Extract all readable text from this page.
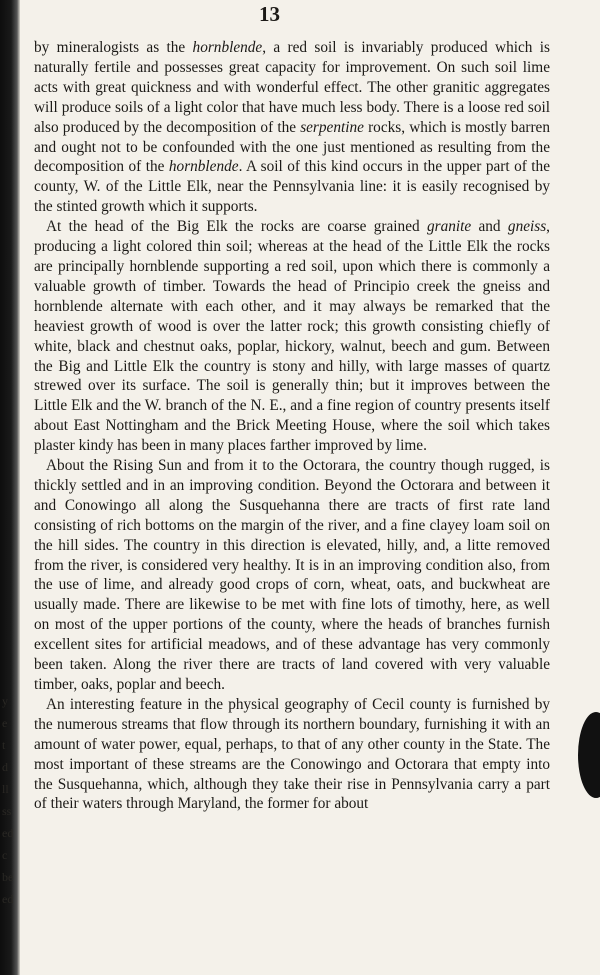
y
e
t
d
ll
ss
ed
c
be
ed
13

by mineralogists as the hornblende, a red soil is invariably produced which is naturally fertile and possesses great capacity for improvement. On such soil lime acts with great quickness and with wonderful effect. The other granitic aggregates will produce soils of a light color that have much less body. There is a loose red soil also produced by the decomposition of the serpentine rocks, which is mostly barren and ought not to be confounded with the one just mentioned as resulting from the decomposition of the hornblende. A soil of this kind occurs in the upper part of the county, W. of the Little Elk, near the Pennsylvania line: it is easily recognised by the stinted growth which it supports.

At the head of the Big Elk the rocks are coarse grained granite and gneiss, producing a light colored thin soil; whereas at the head of the Little Elk the rocks are principally hornblende supporting a red soil, upon which there is commonly a valuable growth of timber. Towards the head of Principio creek the gneiss and hornblende alternate with each other, and it may always be remarked that the heaviest growth of wood is over the latter rock; this growth consisting chiefly of white, black and chestnut oaks, poplar, hickory, walnut, beech and gum. Between the Big and Little Elk the country is stony and hilly, with large masses of quartz strewed over its surface. The soil is generally thin; but it improves between the Little Elk and the W. branch of the N. E., and a fine region of country presents itself about East Nottingham and the Brick Meeting House, where the soil which takes plaster kindy has been in many places farther improved by lime.

About the Rising Sun and from it to the Octorara, the country though rugged, is thickly settled and in an improving condition. Beyond the Octorara and between it and Conowingo all along the Susquehanna there are tracts of first rate land consisting of rich bottoms on the margin of the river, and a fine clayey loam soil on the hill sides. The country in this direction is elevated, hilly, and, a litte removed from the river, is considered very healthy. It is in an improving condition also, from the use of lime, and already good crops of corn, wheat, oats, and buckwheat are usually made. There are likewise to be met with fine lots of timothy, here, as well on most of the upper portions of the county, where the heads of branches furnish excellent sites for artificial meadows, and of these advantage has very commonly been taken. Along the river there are tracts of land covered with very valuable timber, oaks, poplar and beech.

An interesting feature in the physical geography of Cecil county is furnished by the numerous streams that flow through its northern boundary, furnishing it with an amount of water power, equal, perhaps, to that of any other county in the State. The most important of these streams are the Conowingo and Octorara that empty into the Susquehanna, which, although they take their rise in Pennsylvania carry a part of their waters through Maryland, the former for about
